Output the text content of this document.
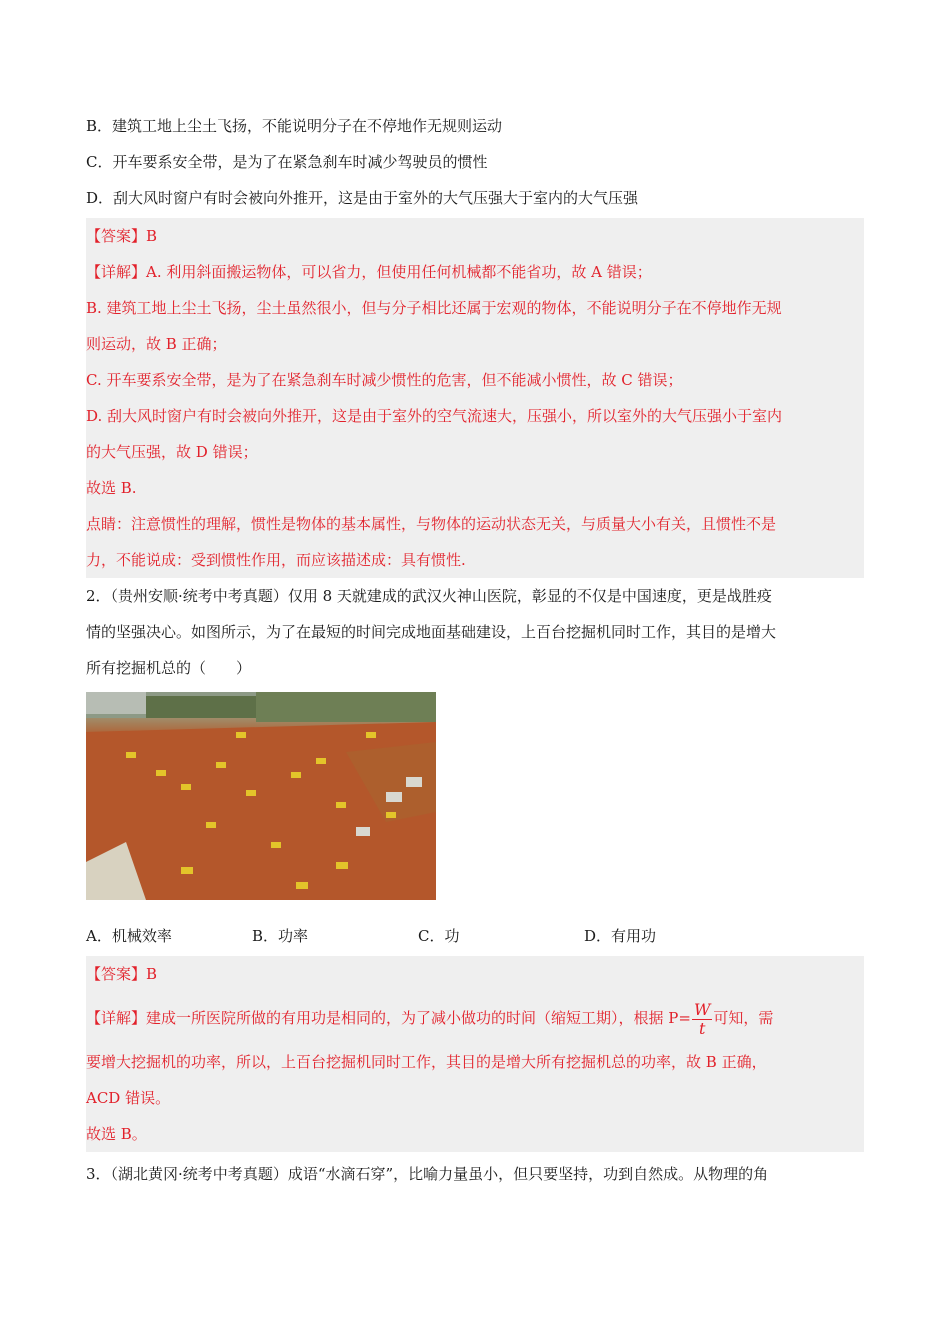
B．建筑工地上尘土飞扬，不能说明分子在不停地作无规则运动
C．开车要系安全带，是为了在紧急刹车时减少驾驶员的惯性
D．刮大风时窗户有时会被向外推开，这是由于室外的大气压强大于室内的大气压强
【答案】B
【详解】A. 利用斜面搬运物体，可以省力，但使用任何机械都不能省功，故 A 错误；
B. 建筑工地上尘土飞扬，尘土虽然很小，但与分子相比还属于宏观的物体，不能说明分子在不停地作无规
则运动，故 B 正确；
C. 开车要系安全带，是为了在紧急刹车时减少惯性的危害，但不能减小惯性，故 C 错误；
D. 刮大风时窗户有时会被向外推开，这是由于室外的空气流速大，压强小，所以室外的大气压强小于室内
的大气压强，故 D 错误；
故选 B.
点睛：注意惯性的理解，惯性是物体的基本属性，与物体的运动状态无关，与质量大小有关，且惯性不是
力，不能说成：受到惯性作用，而应该描述成：具有惯性.
2．（贵州安顺·统考中考真题）仅用 8 天就建成的武汉火神山医院，彰显的不仅是中国速度，更是战胜疫
情的坚强决心。如图所示，为了在最短的时间完成地面基础建设，上百台挖掘机同时工作，其目的是增大
所有挖掘机总的（　　）
A．机械效率	B．功率	C．功	D．有用功
【答案】B
【详解】建成一所医院所做的有用功是相同的，为了减小做功的时间（缩短工期），根据 $P= \frac{W}{t}$ 可知，需
要增大挖掘机的功率，所以，上百台挖掘机同时工作，其目的是增大所有挖掘机总的功率，故 B 正确，
ACD 错误。
故选 B。
3．（湖北黄冈·统考中考真题）成语“水滴石穿”，比喻力量虽小，但只要坚持，功到自然成。从物理的角
